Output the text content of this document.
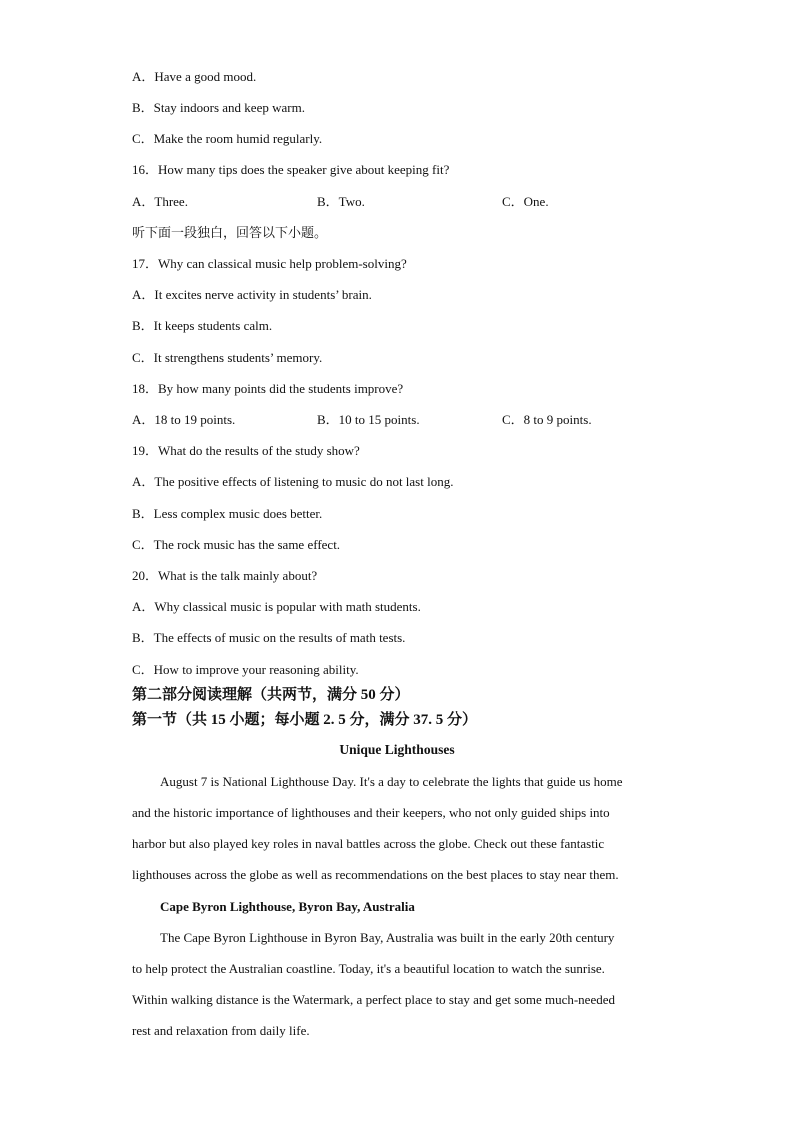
A．Have a good mood.
B．Stay indoors and keep warm.
C．Make the room humid regularly.
16．How many tips does the speaker give about keeping fit?
A．Three.	B．Two.	C．One.
听下面一段独白，回答以下小题。
17．Why can classical music help problem-solving?
A．It excites nerve activity in students’ brain.
B．It keeps students calm.
C．It strengthens students’ memory.
18．By how many points did the students improve?
A．18 to 19 points.	B．10 to 15 points.	C．8 to 9 points.
19．What do the results of the study show?
A．The positive effects of listening to music do not last long.
B．Less complex music does better.
C．The rock music has the same effect.
20．What is the talk mainly about?
A．Why classical music is popular with math students.
B．The effects of music on the results of math tests.
C．How to improve your reasoning ability.
第二部分阅读理解（共两节，满分 50 分）
第一节（共 15 小题；每小题 2. 5 分，满分 37. 5 分）
Unique Lighthouses
August 7 is National Lighthouse Day. It's a day to celebrate the lights that guide us home
and the historic importance of lighthouses and their keepers, who not only guided ships into
harbor but also played key roles in naval battles across the globe. Check out these fantastic
lighthouses across the globe as well as recommendations on the best places to stay near them.
Cape Byron Lighthouse, Byron Bay, Australia
The Cape Byron Lighthouse in Byron Bay, Australia was built in the early 20th century
to help protect the Australian coastline. Today, it's a beautiful location to watch the sunrise.
Within walking distance is the Watermark, a perfect place to stay and get some much-needed
rest and relaxation from daily life.
